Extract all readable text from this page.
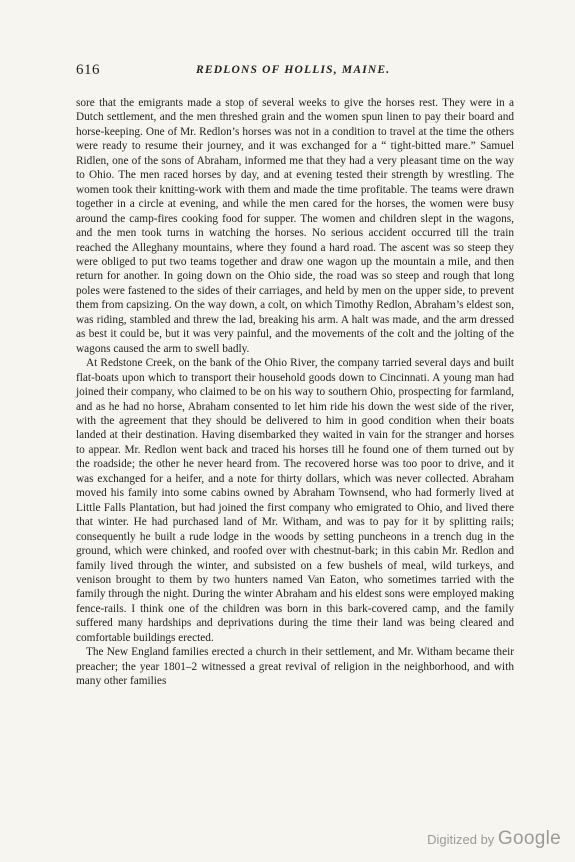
616	REDLONS OF HOLLIS, MAINE.

sore that the emigrants made a stop of several weeks to give the horses rest. They were in a Dutch settlement, and the men threshed grain and the women spun linen to pay their board and horse-keeping. One of Mr. Redlon’s horses was not in a condition to travel at the time the others were ready to resume their journey, and it was exchanged for a “ tight-bitted mare.” Samuel Ridlen, one of the sons of Abraham, informed me that they had a very pleasant time on the way to Ohio. The men raced horses by day, and at evening tested their strength by wrestling. The women took their knitting-work with them and made the time profitable. The teams were drawn together in a circle at evening, and while the men cared for the horses, the women were busy around the camp-fires cooking food for supper. The women and children slept in the wagons, and the men took turns in watching the horses. No serious accident occurred till the train reached the Alleghany mountains, where they found a hard road. The ascent was so steep they were obliged to put two teams together and draw one wagon up the mountain a mile, and then return for another. In going down on the Ohio side, the road was so steep and rough that long poles were fastened to the sides of their carriages, and held by men on the upper side, to prevent them from capsizing. On the way down, a colt, on which Timothy Redlon, Abraham’s eldest son, was riding, stambled and threw the lad, breaking his arm. A halt was made, and the arm dressed as best it could be, but it was very painful, and the movements of the colt and the jolting of the wagons caused the arm to swell badly.

At Redstone Creek, on the bank of the Ohio River, the company tarried several days and built flat-boats upon which to transport their household goods down to Cincinnati. A young man had joined their company, who claimed to be on his way to southern Ohio, prospecting for farmland, and as he had no horse, Abraham consented to let him ride his down the west side of the river, with the agreement that they should be delivered to him in good condition when their boats landed at their destination. Having disembarked they waited in vain for the stranger and horses to appear. Mr. Redlon went back and traced his horses till he found one of them turned out by the roadside; the other he never heard from. The recovered horse was too poor to drive, and it was exchanged for a heifer, and a note for thirty dollars, which was never collected. Abraham moved his family into some cabins owned by Abraham Townsend, who had formerly lived at Little Falls Plantation, but had joined the first company who emigrated to Ohio, and lived there that winter. He had purchased land of Mr. Witham, and was to pay for it by splitting rails; consequently he built a rude lodge in the woods by setting puncheons in a trench dug in the ground, which were chinked, and roofed over with chestnut-bark; in this cabin Mr. Redlon and family lived through the winter, and subsisted on a few bushels of meal, wild turkeys, and venison brought to them by two hunters named Van Eaton, who sometimes tarried with the family through the night. During the winter Abraham and his eldest sons were employed making fence-rails. I think one of the children was born in this bark-covered camp, and the family suffered many hardships and deprivations during the time their land was being cleared and comfortable buildings erected.

The New England families erected a church in their settlement, and Mr. Witham became their preacher; the year 1801–2 witnessed a great revival of religion in the neighborhood, and with many other families

Digitized by Google
